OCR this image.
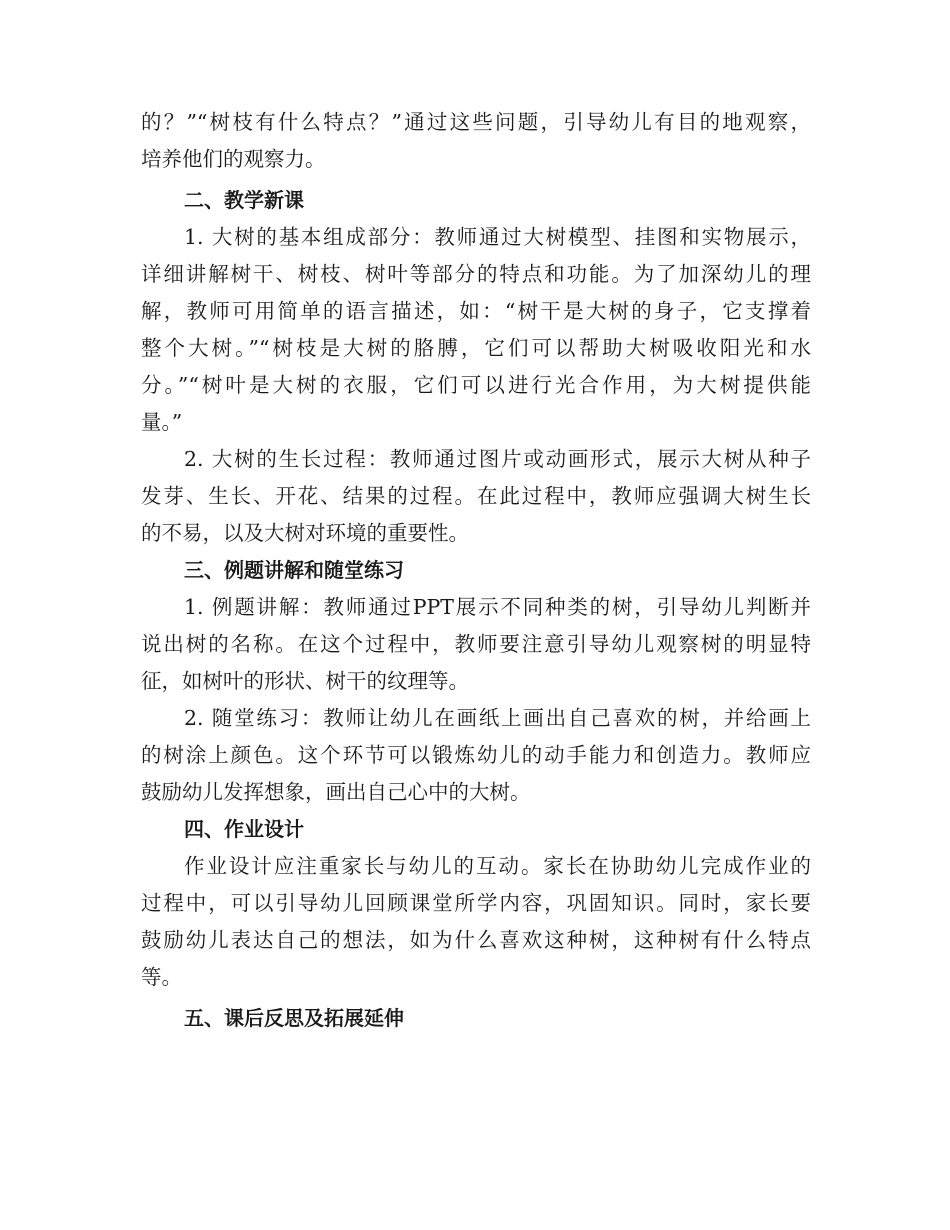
的？”“树枝有什么特点？”通过这些问题，引导幼儿有目的地观察，
培养他们的观察力。
二、教学新课
1. 大树的基本组成部分：教师通过大树模型、挂图和实物展示，
详细讲解树干、树枝、树叶等部分的特点和功能。为了加深幼儿的理
解，教师可用简单的语言描述，如：“树干是大树的身子，它支撑着
整个大树。”“树枝是大树的胳膊，它们可以帮助大树吸收阳光和水
分。”“树叶是大树的衣服，它们可以进行光合作用，为大树提供能
量。”
2. 大树的生长过程：教师通过图片或动画形式，展示大树从种子
发芽、生长、开花、结果的过程。在此过程中，教师应强调大树生长
的不易，以及大树对环境的重要性。
三、例题讲解和随堂练习
1. 例题讲解：教师通过PPT展示不同种类的树，引导幼儿判断并
说出树的名称。在这个过程中，教师要注意引导幼儿观察树的明显特
征，如树叶的形状、树干的纹理等。
2. 随堂练习：教师让幼儿在画纸上画出自己喜欢的树，并给画上
的树涂上颜色。这个环节可以锻炼幼儿的动手能力和创造力。教师应
鼓励幼儿发挥想象，画出自己心中的大树。
四、作业设计
作业设计应注重家长与幼儿的互动。家长在协助幼儿完成作业的
过程中，可以引导幼儿回顾课堂所学内容，巩固知识。同时，家长要
鼓励幼儿表达自己的想法，如为什么喜欢这种树，这种树有什么特点
等。
五、课后反思及拓展延伸
